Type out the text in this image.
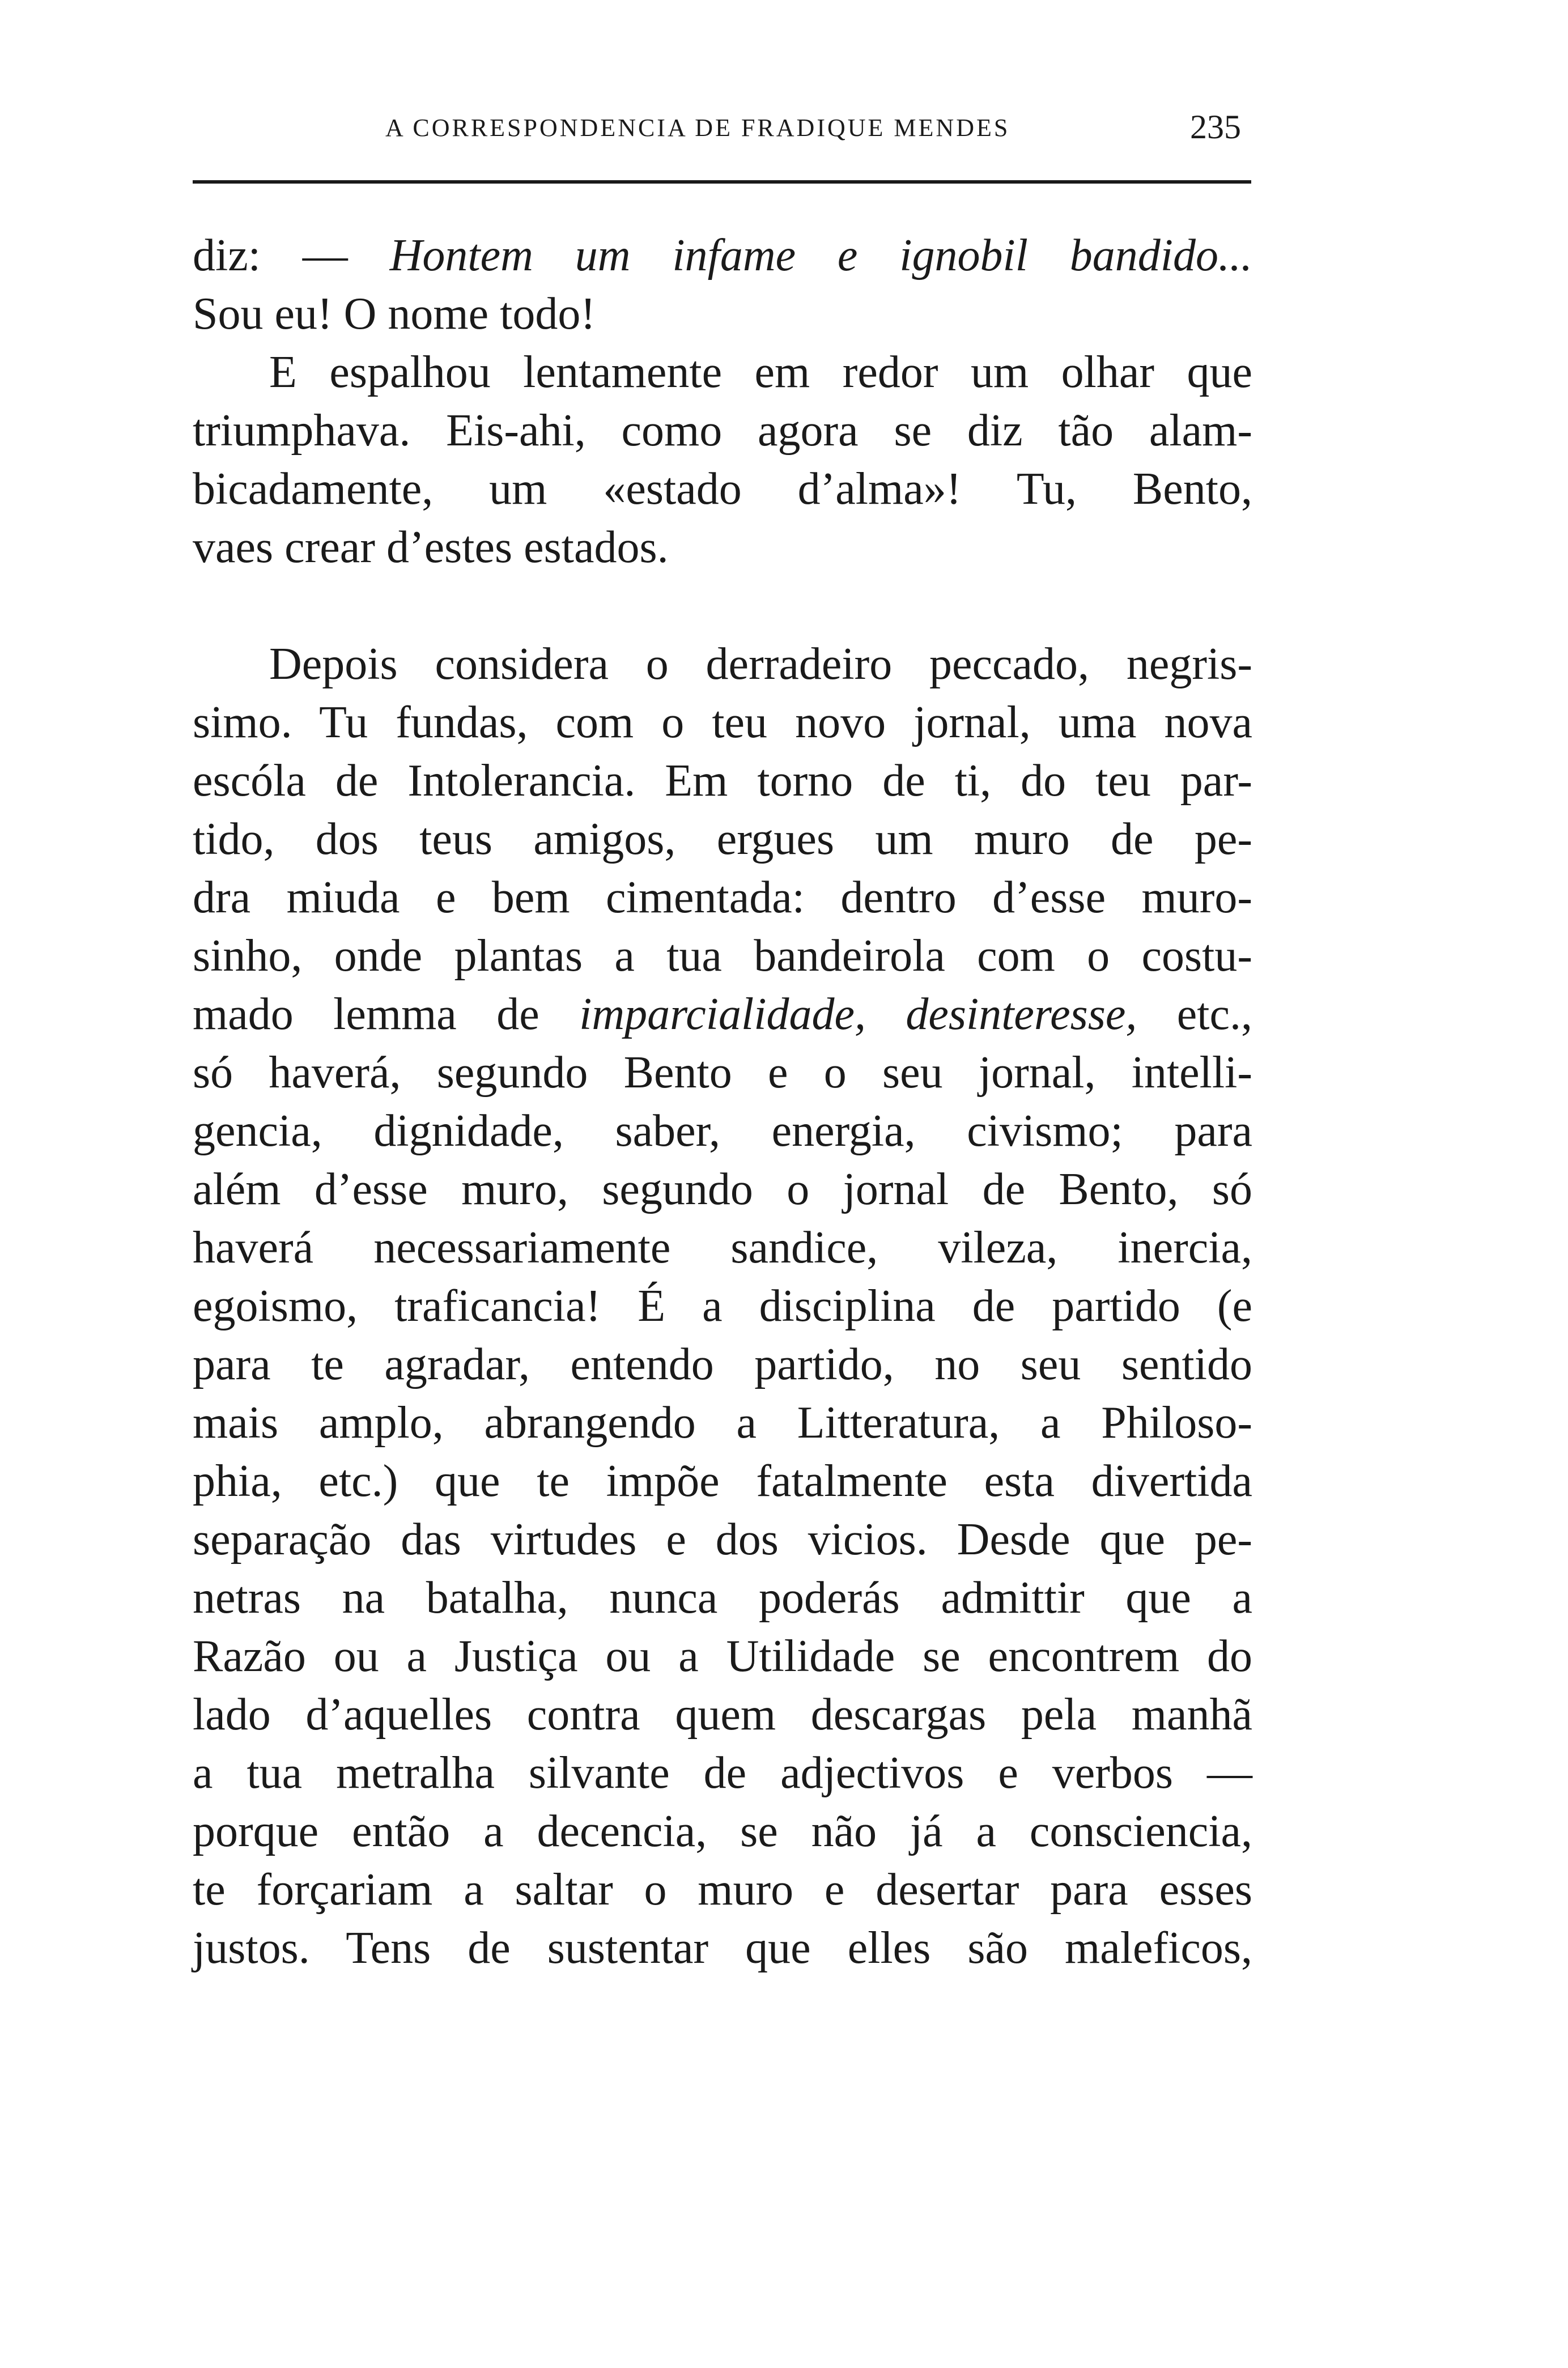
A CORRESPONDENCIA DE FRADIQUE MENDES	235
diz: — Hontem um infame e ignobil bandido...
Sou eu! O nome todo!
E espalhou lentamente em redor um olhar que
triumphava. Eis-ahi, como agora se diz tão alam-
bicadamente, um «estado d’alma»! Tu, Bento,
vaes crear d’estes estados.
Depois considera o derradeiro peccado, negris-
simo. Tu fundas, com o teu novo jornal, uma nova
escóla de Intolerancia. Em torno de ti, do teu par-
tido, dos teus amigos, ergues um muro de pe-
dra miuda e bem cimentada: dentro d’esse muro-
sinho, onde plantas a tua bandeirola com o costu-
mado lemma de imparcialidade, desinteresse, etc.,
só haverá, segundo Bento e o seu jornal, intelli-
gencia, dignidade, saber, energia, civismo; para
além d’esse muro, segundo o jornal de Bento, só
haverá necessariamente sandice, vileza, inercia,
egoismo, traficancia! É a disciplina de partido (e
para te agradar, entendo partido, no seu sentido
mais amplo, abrangendo a Litteratura, a Philoso-
phia, etc.) que te impõe fatalmente esta divertida
separação das virtudes e dos vicios. Desde que pe-
netras na batalha, nunca poderás admittir que a
Razão ou a Justiça ou a Utilidade se encontrem do
lado d’aquelles contra quem descargas pela manhã
a tua metralha silvante de adjectivos e verbos —
porque então a decencia, se não já a consciencia,
te forçariam a saltar o muro e desertar para esses
justos. Tens de sustentar que elles são maleficos,
